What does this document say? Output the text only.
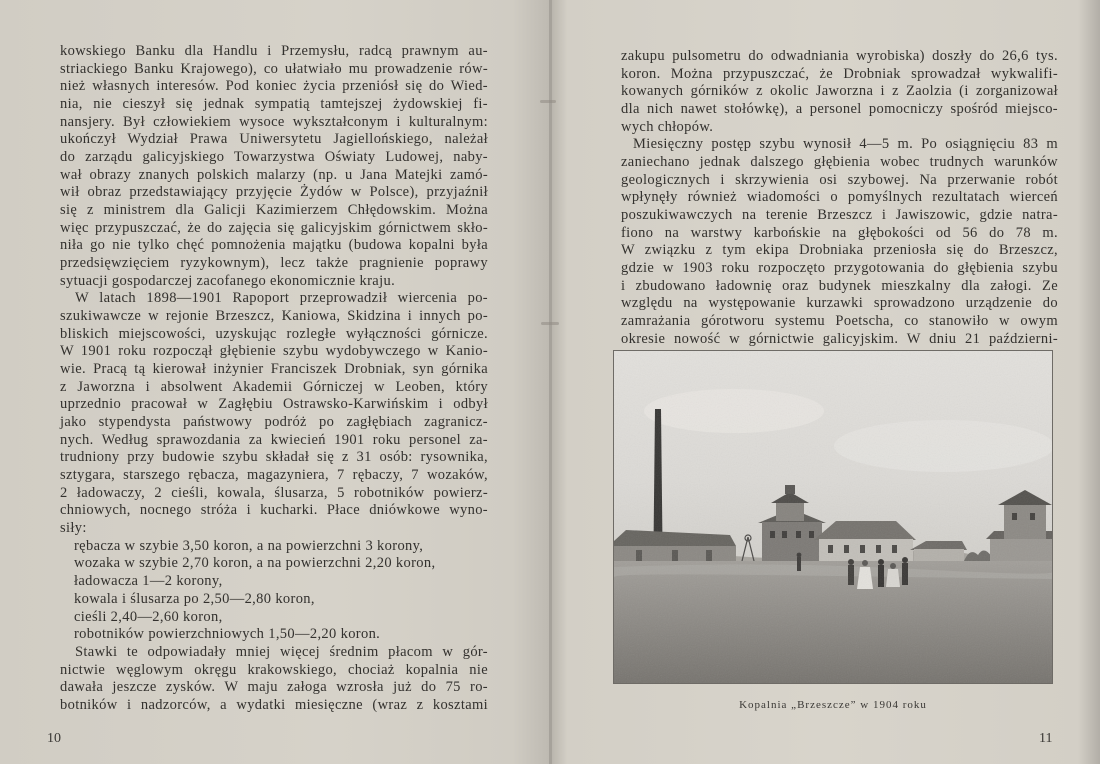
kowskiego Banku dla Handlu i Przemysłu, radcą prawnym au-
striackiego Banku Krajowego), co ułatwiało mu prowadzenie rów-
nież własnych interesów. Pod koniec życia przeniósł się do Wied-
nia, nie cieszył się jednak sympatią tamtejszej żydowskiej fi-
nansjery. Był człowiekiem wysoce wykształconym i kulturalnym:
ukończył Wydział Prawa Uniwersytetu Jagiellońskiego, należał
do zarządu galicyjskiego Towarzystwa Oświaty Ludowej, naby-
wał obrazy znanych polskich malarzy (np. u Jana Matejki zamó-
wił obraz przedstawiający przyjęcie Żydów w Polsce), przyjaźnił
się z ministrem dla Galicji Kazimierzem Chłędowskim. Można
więc przypuszczać, że do zajęcia się galicyjskim górnictwem skło-
niła go nie tylko chęć pomnożenia majątku (budowa kopalni była
przedsięwzięciem ryzykownym), lecz także pragnienie poprawy
sytuacji gospodarczej zacofanego ekonomicznie kraju.
W latach 1898—1901 Rapoport przeprowadził wiercenia po-
szukiwawcze w rejonie Brzeszcz, Kaniowa, Skidzina i innych po-
bliskich miejscowości, uzyskując rozległe wyłączności górnicze.
W 1901 roku rozpoczął głębienie szybu wydobywczego w Kanio-
wie. Pracą tą kierował inżynier Franciszek Drobniak, syn górnika
z Jaworzna i absolwent Akademii Górniczej w Leoben, który
uprzednio pracował w Zagłębiu Ostrawsko-Karwińskim i odbył
jako stypendysta państwowy podróż po zagłębiach zagranicz-
nych. Według sprawozdania za kwiecień 1901 roku personel za-
trudniony przy budowie szybu składał się z 31 osób: rysownika,
sztygara, starszego rębacza, magazyniera, 7 rębaczy, 7 wozaków,
2 ładowaczy, 2 cieśli, kowala, ślusarza, 5 robotników powierz-
chniowych, nocnego stróża i kucharki. Płace dniówkowe wyno-
siły:
rębacza w szybie 3,50 koron, a na powierzchni 3 korony,
wozaka w szybie 2,70 koron, a na powierzchni 2,20 koron,
ładowacza 1—2 korony,
kowala i ślusarza po 2,50—2,80 koron,
cieśli 2,40—2,60 koron,
robotników powierzchniowych 1,50—2,20 koron.
Stawki te odpowiadały mniej więcej średnim płacom w gór-
nictwie węglowym okręgu krakowskiego, chociaż kopalnia nie
dawała jeszcze zysków. W maju załoga wzrosła już do 75 ro-
botników i nadzorców, a wydatki miesięczne (wraz z kosztami
zakupu pulsometru do odwadniania wyrobiska) doszły do 26,6 tys.
koron. Można przypuszczać, że Drobniak sprowadzał wykwalifi-
kowanych górników z okolic Jaworzna i z Zaolzia (i zorganizował
dla nich nawet stołówkę), a personel pomocniczy spośród miejsco-
wych chłopów.
Miesięczny postęp szybu wynosił 4—5 m. Po osiągnięciu 83 m
zaniechano jednak dalszego głębienia wobec trudnych warunków
geologicznych i skrzywienia osi szybowej. Na przerwanie robót
wpłynęły również wiadomości o pomyślnych rezultatach wierceń
poszukiwawczych na terenie Brzeszcz i Jawiszowic, gdzie natra-
fiono na warstwy karbońskie na głębokości od 56 do 78 m.
W związku z tym ekipa Drobniaka przeniosła się do Brzeszcz,
gdzie w 1903 roku rozpoczęto przygotowania do głębienia szybu
i zbudowano ładownię oraz budynek mieszkalny dla załogi. Ze
względu na występowanie kurzawki sprowadzono urządzenie do
zamrażania górotworu systemu Poetscha, co stanowiło w owym
okresie nowość w górnictwie galicyjskim. W dniu 21 październi-
Kopalnia „Brzeszcze” w 1904 roku
10	11
